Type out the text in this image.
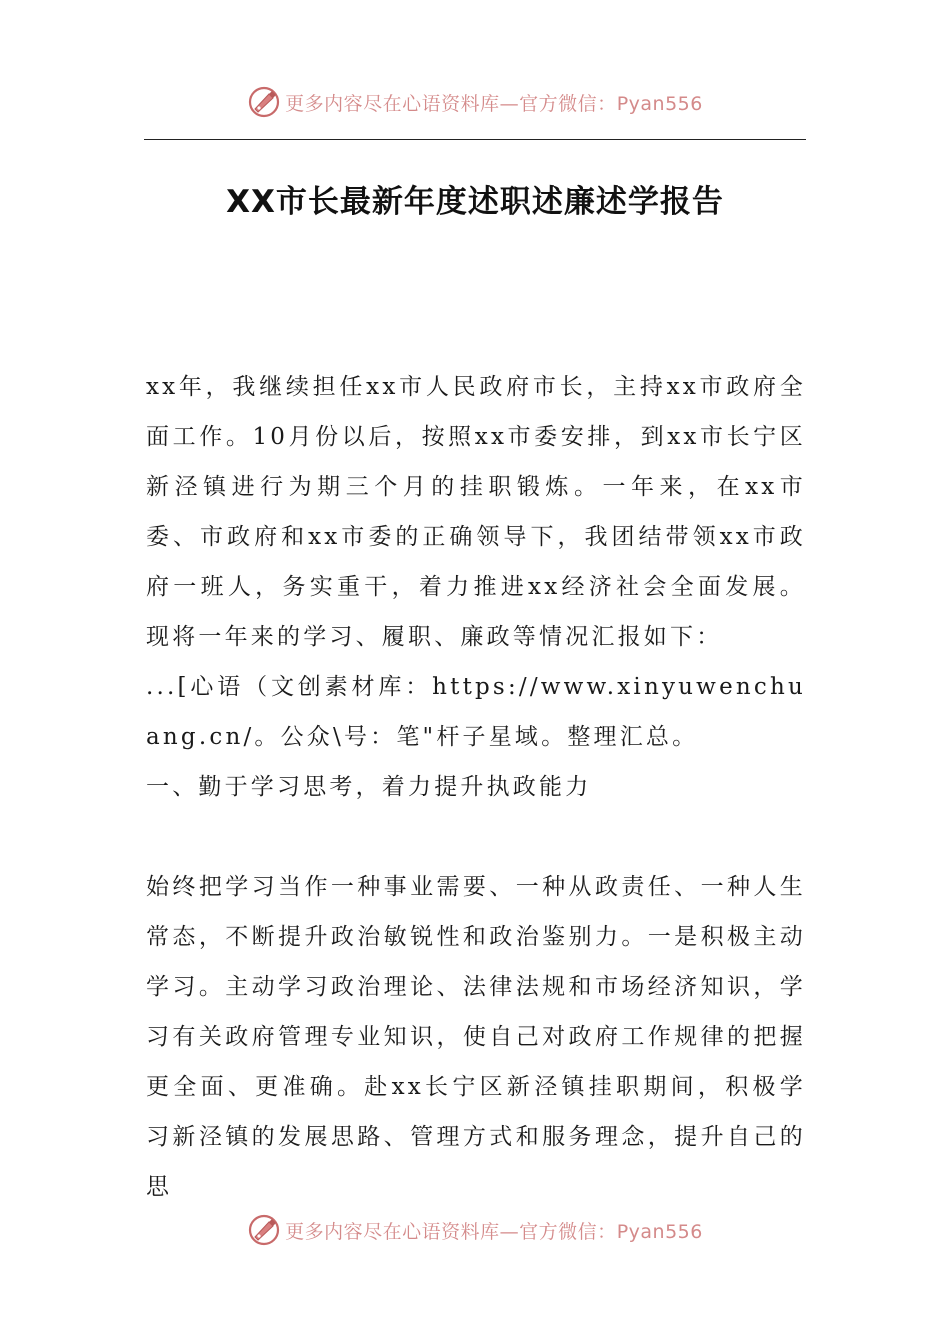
更多内容尽在心语资料库—官方微信：Pyan556
XX市长最新年度述职述廉述学报告

xx年，我继续担任xx市人民政府市长，主持xx市政府全面工作。10月份以后，按照xx市委安排，到xx市长宁区新泾镇进行为期三个月的挂职锻炼。一年来，在xx市委、市政府和xx市委的正确领导下，我团结带领xx市政府一班人，务实重干，着力推进xx经济社会全面发展。现将一年来的学习、履职、廉政等情况汇报如下：

...[心语（文创素材库：https://www.xinyuwenchuang.cn/。公众\号：笔"杆子星域。整理汇总。

一、勤于学习思考，着力提升执政能力

始终把学习当作一种事业需要、一种从政责任、一种人生常态，不断提升政治敏锐性和政治鉴别力。一是积极主动学习。主动学习政治理论、法律法规和市场经济知识，学习有关政府管理专业知识，使自己对政府工作规律的把握更全面、更准确。赴xx长宁区新泾镇挂职期间，积极学习新泾镇的发展思路、管理方式和服务理念，提升自己的思

更多内容尽在心语资料库—官方微信：Pyan556
